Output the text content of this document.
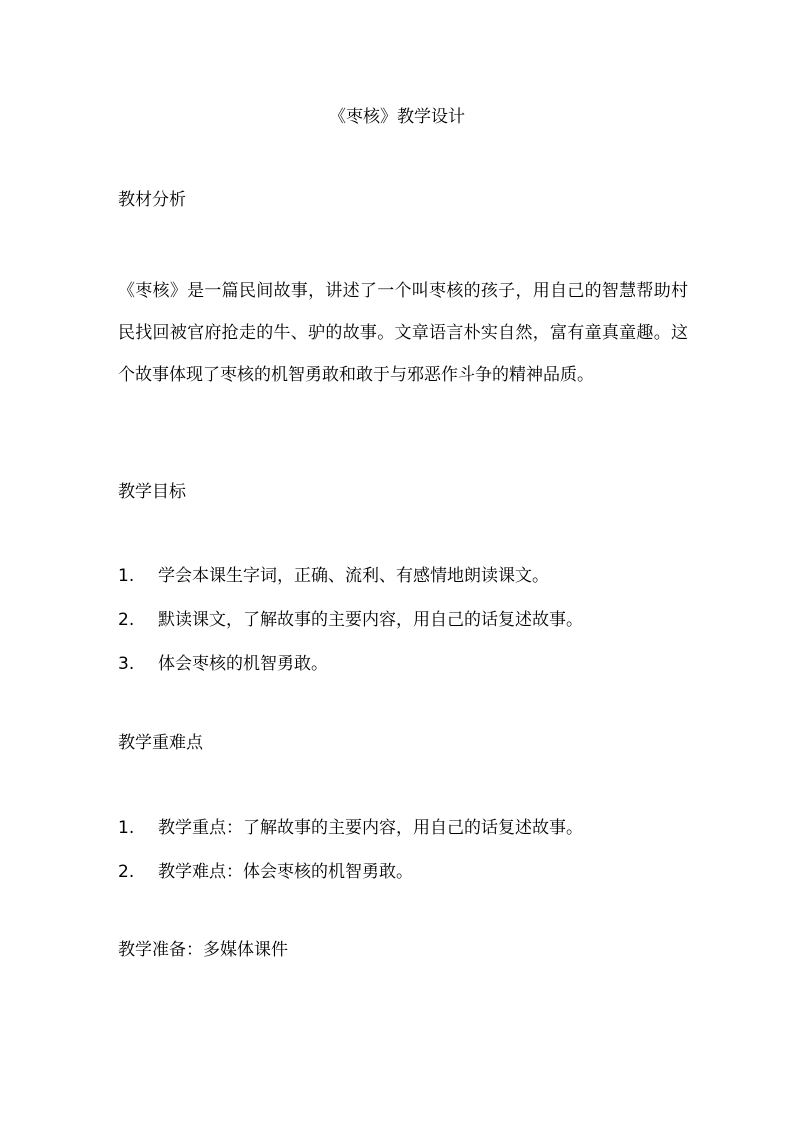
《枣核》教学设计
教材分析

《枣核》是一篇民间故事，讲述了一个叫枣核的孩子，用自己的智慧帮助村民找回被官府抢走的牛、驴的故事。文章语言朴实自然，富有童真童趣。这个故事体现了枣核的机智勇敢和敢于与邪恶作斗争的精神品质。

教学目标
1.	学会本课生字词，正确、流利、有感情地朗读课文。
2.	默读课文，了解故事的主要内容，用自己的话复述故事。
3.	体会枣核的机智勇敢。
教学重难点
1.	教学重点：了解故事的主要内容，用自己的话复述故事。
2.	教学难点：体会枣核的机智勇敢。

教学准备：多媒体课件
